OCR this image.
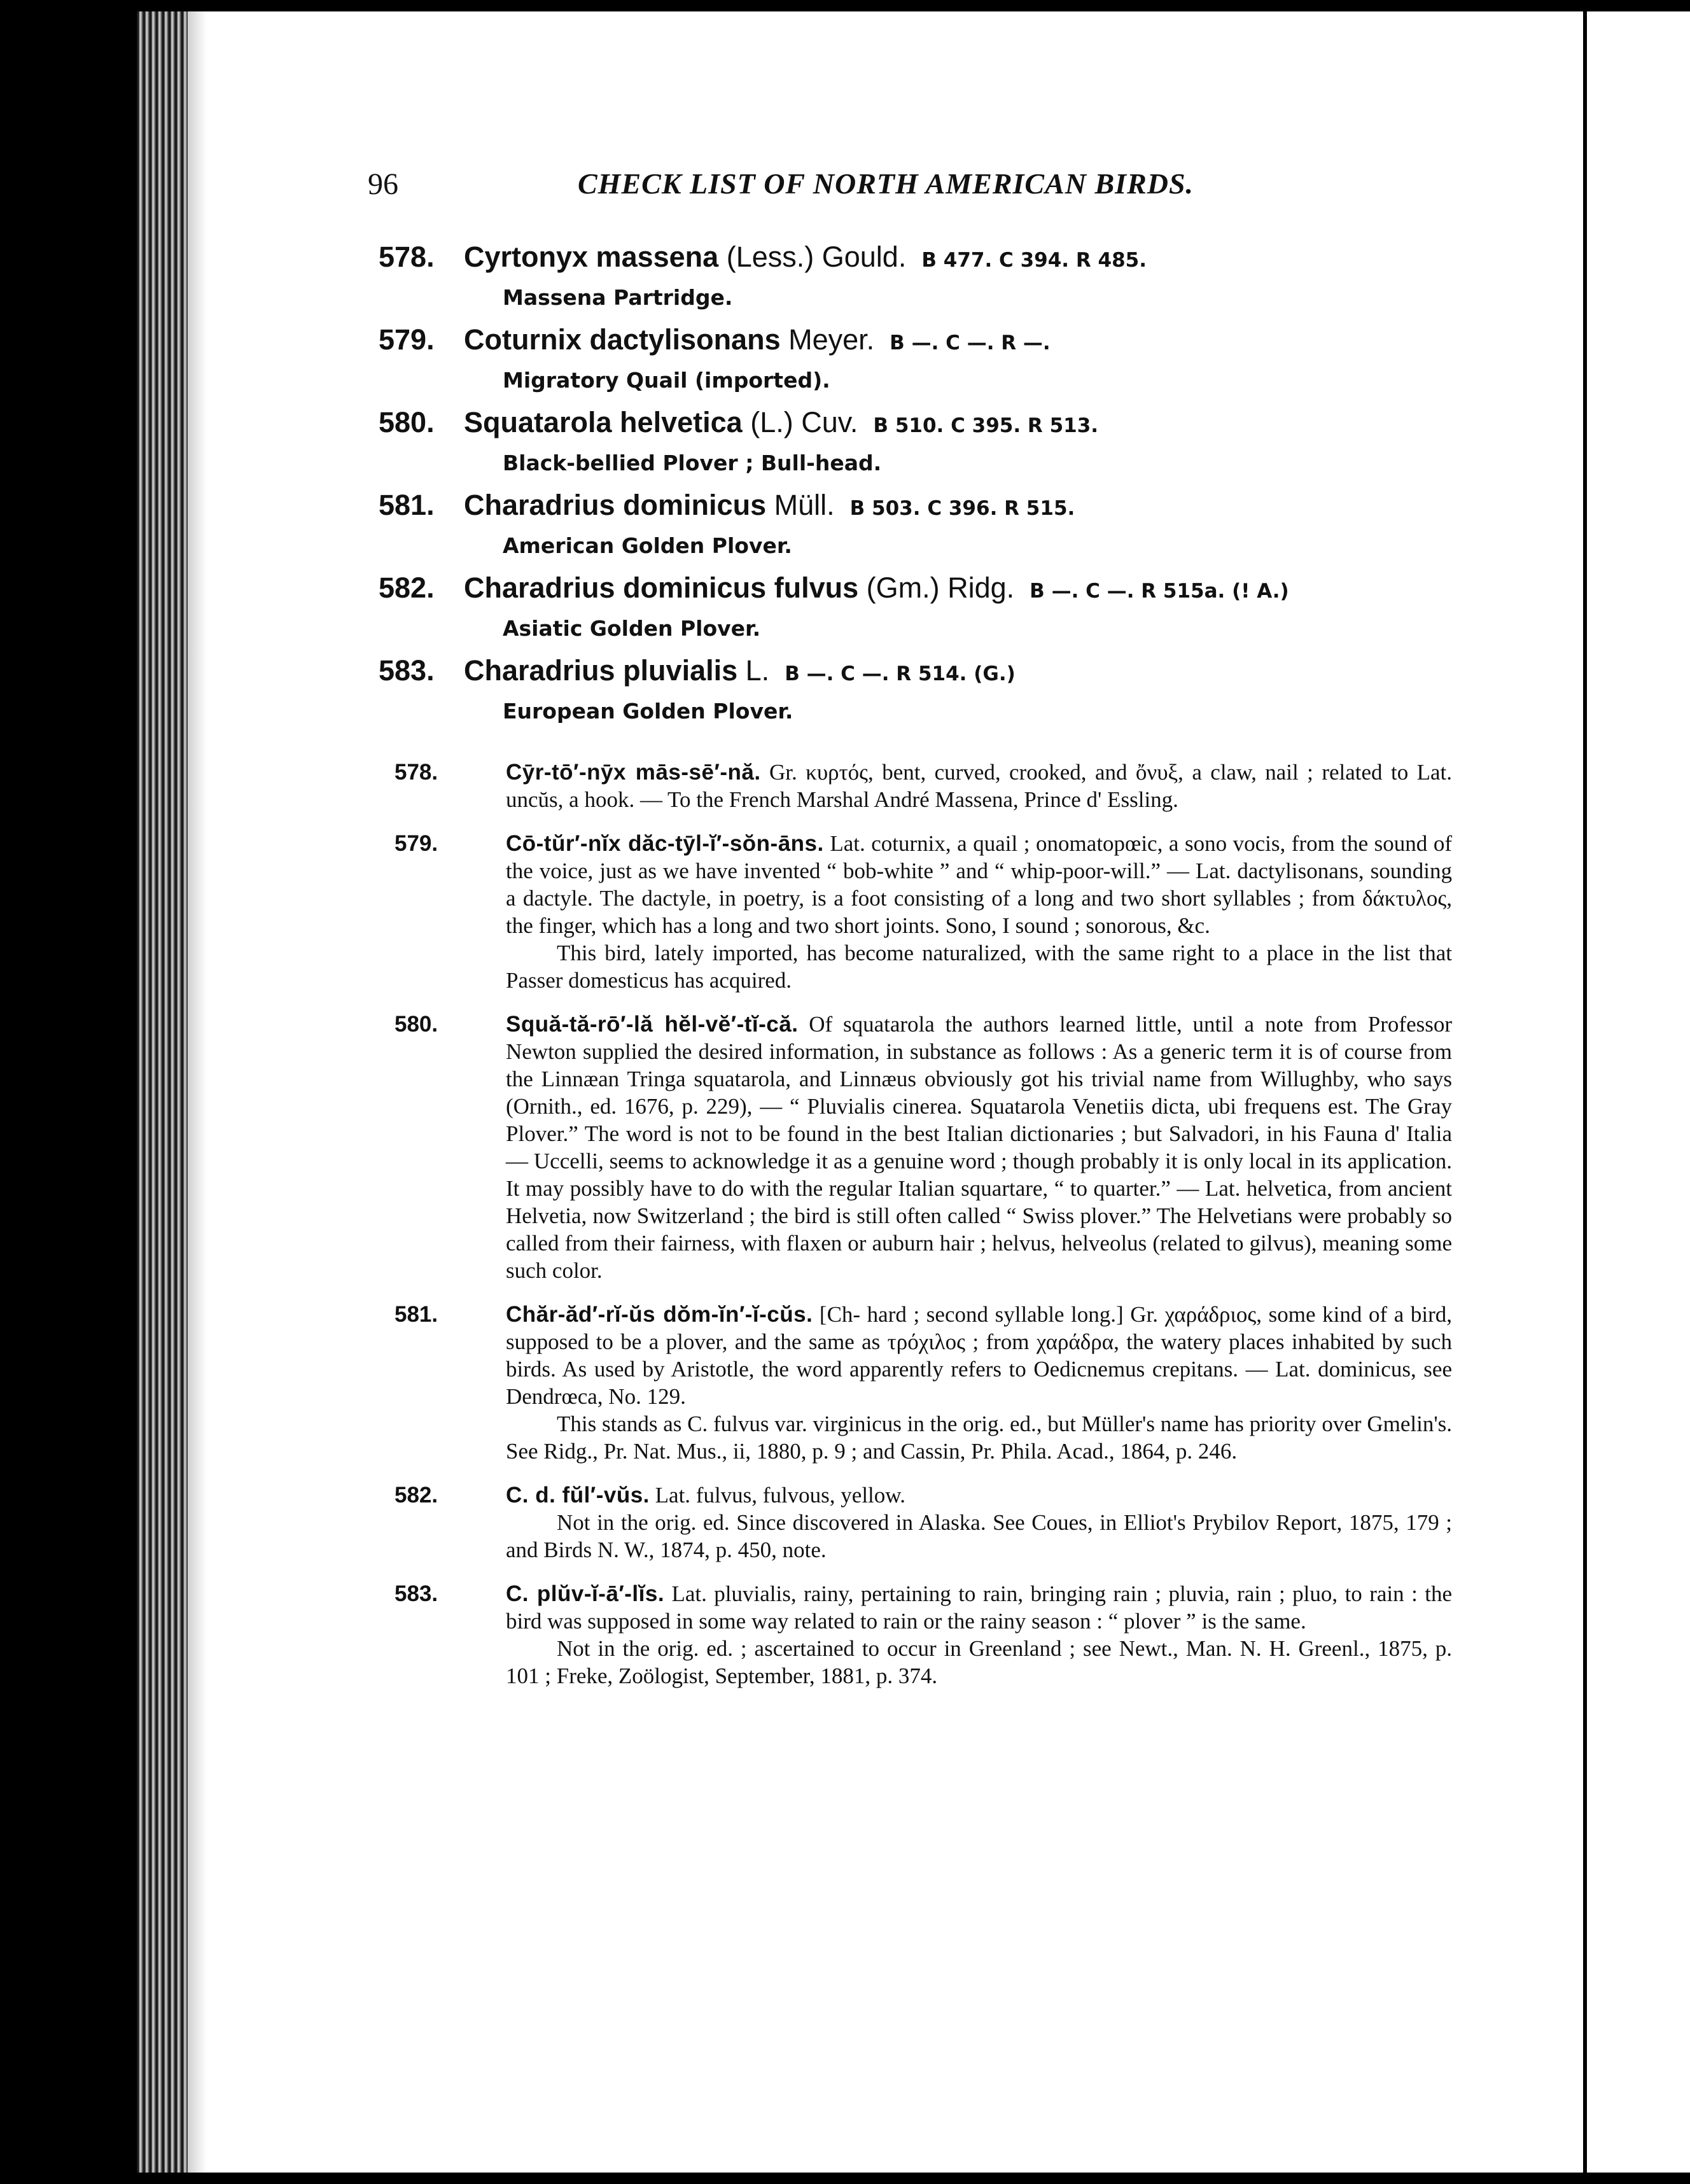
96	CHECK LIST OF NORTH AMERICAN BIRDS.
578. Cyrtonyx massena (Less.) Gould. B 477. C 394. R 485.
Massena Partridge.
579. Coturnix dactylisonans Meyer. B —. C —. R —.
Migratory Quail (imported).
580. Squatarola helvetica (L.) Cuv. B 510. C 395. R 513.
Black-bellied Plover ; Bull-head.
581. Charadrius dominicus Müll. B 503. C 396. R 515.
American Golden Plover.
582. Charadrius dominicus fulvus (Gm.) Ridg. B —. C —. R 515a. (! A.)
Asiatic Golden Plover.
583. Charadrius pluvialis L. B —. C —. R 514. (G.)
European Golden Plover.
578.	Cȳr-tō′-nȳx mās-sē′-nă. Gr. κυρτός, bent, curved, crooked, and ὄνυξ, a claw, nail ; related to Lat. uncŭs, a hook. — To the French Marshal André Massena, Prince d' Essling.

579.	Cō-tŭr′-nĭx dăc-tȳl-ĭ′-sŏn-āns. Lat. coturnix, a quail ; onomatopœic, a sono vocis, from the sound of the voice, just as we have invented “ bob-white ” and “ whip-poor-will.” — Lat. dactylisonans, sounding a dactyle. The dactyle, in poetry, is a foot consisting of a long and two short syllables ; from δάκτυλος, the finger, which has a long and two short joints. Sono, I sound ; sonorous, &c.

This bird, lately imported, has become naturalized, with the same right to a place in the list that Passer domesticus has acquired.

580.	Squă-tă-rō′-lă hĕl-vĕ′-tĭ-că. Of squatarola the authors learned little, until a note from Professor Newton supplied the desired information, in substance as follows : As a generic term it is of course from the Linnæan Tringa squatarola, and Linnæus obviously got his trivial name from Willughby, who says (Ornith., ed. 1676, p. 229), — “ Pluvialis cinerea. Squatarola Venetiis dicta, ubi frequens est. The Gray Plover.” The word is not to be found in the best Italian dictionaries ; but Salvadori, in his Fauna d' Italia — Uccelli, seems to acknowledge it as a genuine word ; though probably it is only local in its application. It may possibly have to do with the regular Italian squartare, “ to quarter.” — Lat. helvetica, from ancient Helvetia, now Switzerland ; the bird is still often called “ Swiss plover.” The Helvetians were probably so called from their fairness, with flaxen or auburn hair ; helvus, helveolus (related to gilvus), meaning some such color.

581.	Chăr-ăd′-rĭ-ŭs dŏm-ĭn′-ĭ-cŭs. [Ch- hard ; second syllable long.] Gr. χαράδριος, some kind of a bird, supposed to be a plover, and the same as τρόχιλος ; from χαράδρα, the watery places inhabited by such birds. As used by Aristotle, the word apparently refers to Oedicnemus crepitans. — Lat. dominicus, see Dendrœca, No. 129.

This stands as C. fulvus var. virginicus in the orig. ed., but Müller's name has priority over Gmelin's. See Ridg., Pr. Nat. Mus., ii, 1880, p. 9 ; and Cassin, Pr. Phila. Acad., 1864, p. 246.

582.	C. d. fŭl′-vŭs. Lat. fulvus, fulvous, yellow.

Not in the orig. ed. Since discovered in Alaska. See Coues, in Elliot's Prybilov Report, 1875, 179 ; and Birds N. W., 1874, p. 450, note.

583.	C. plŭv-ĭ-ā′-lĭs. Lat. pluvialis, rainy, pertaining to rain, bringing rain ; pluvia, rain ; pluo, to rain : the bird was supposed in some way related to rain or the rainy season : “ plover ” is the same.

Not in the orig. ed. ; ascertained to occur in Greenland ; see Newt., Man. N. H. Greenl., 1875, p. 101 ; Freke, Zoölogist, September, 1881, p. 374.
